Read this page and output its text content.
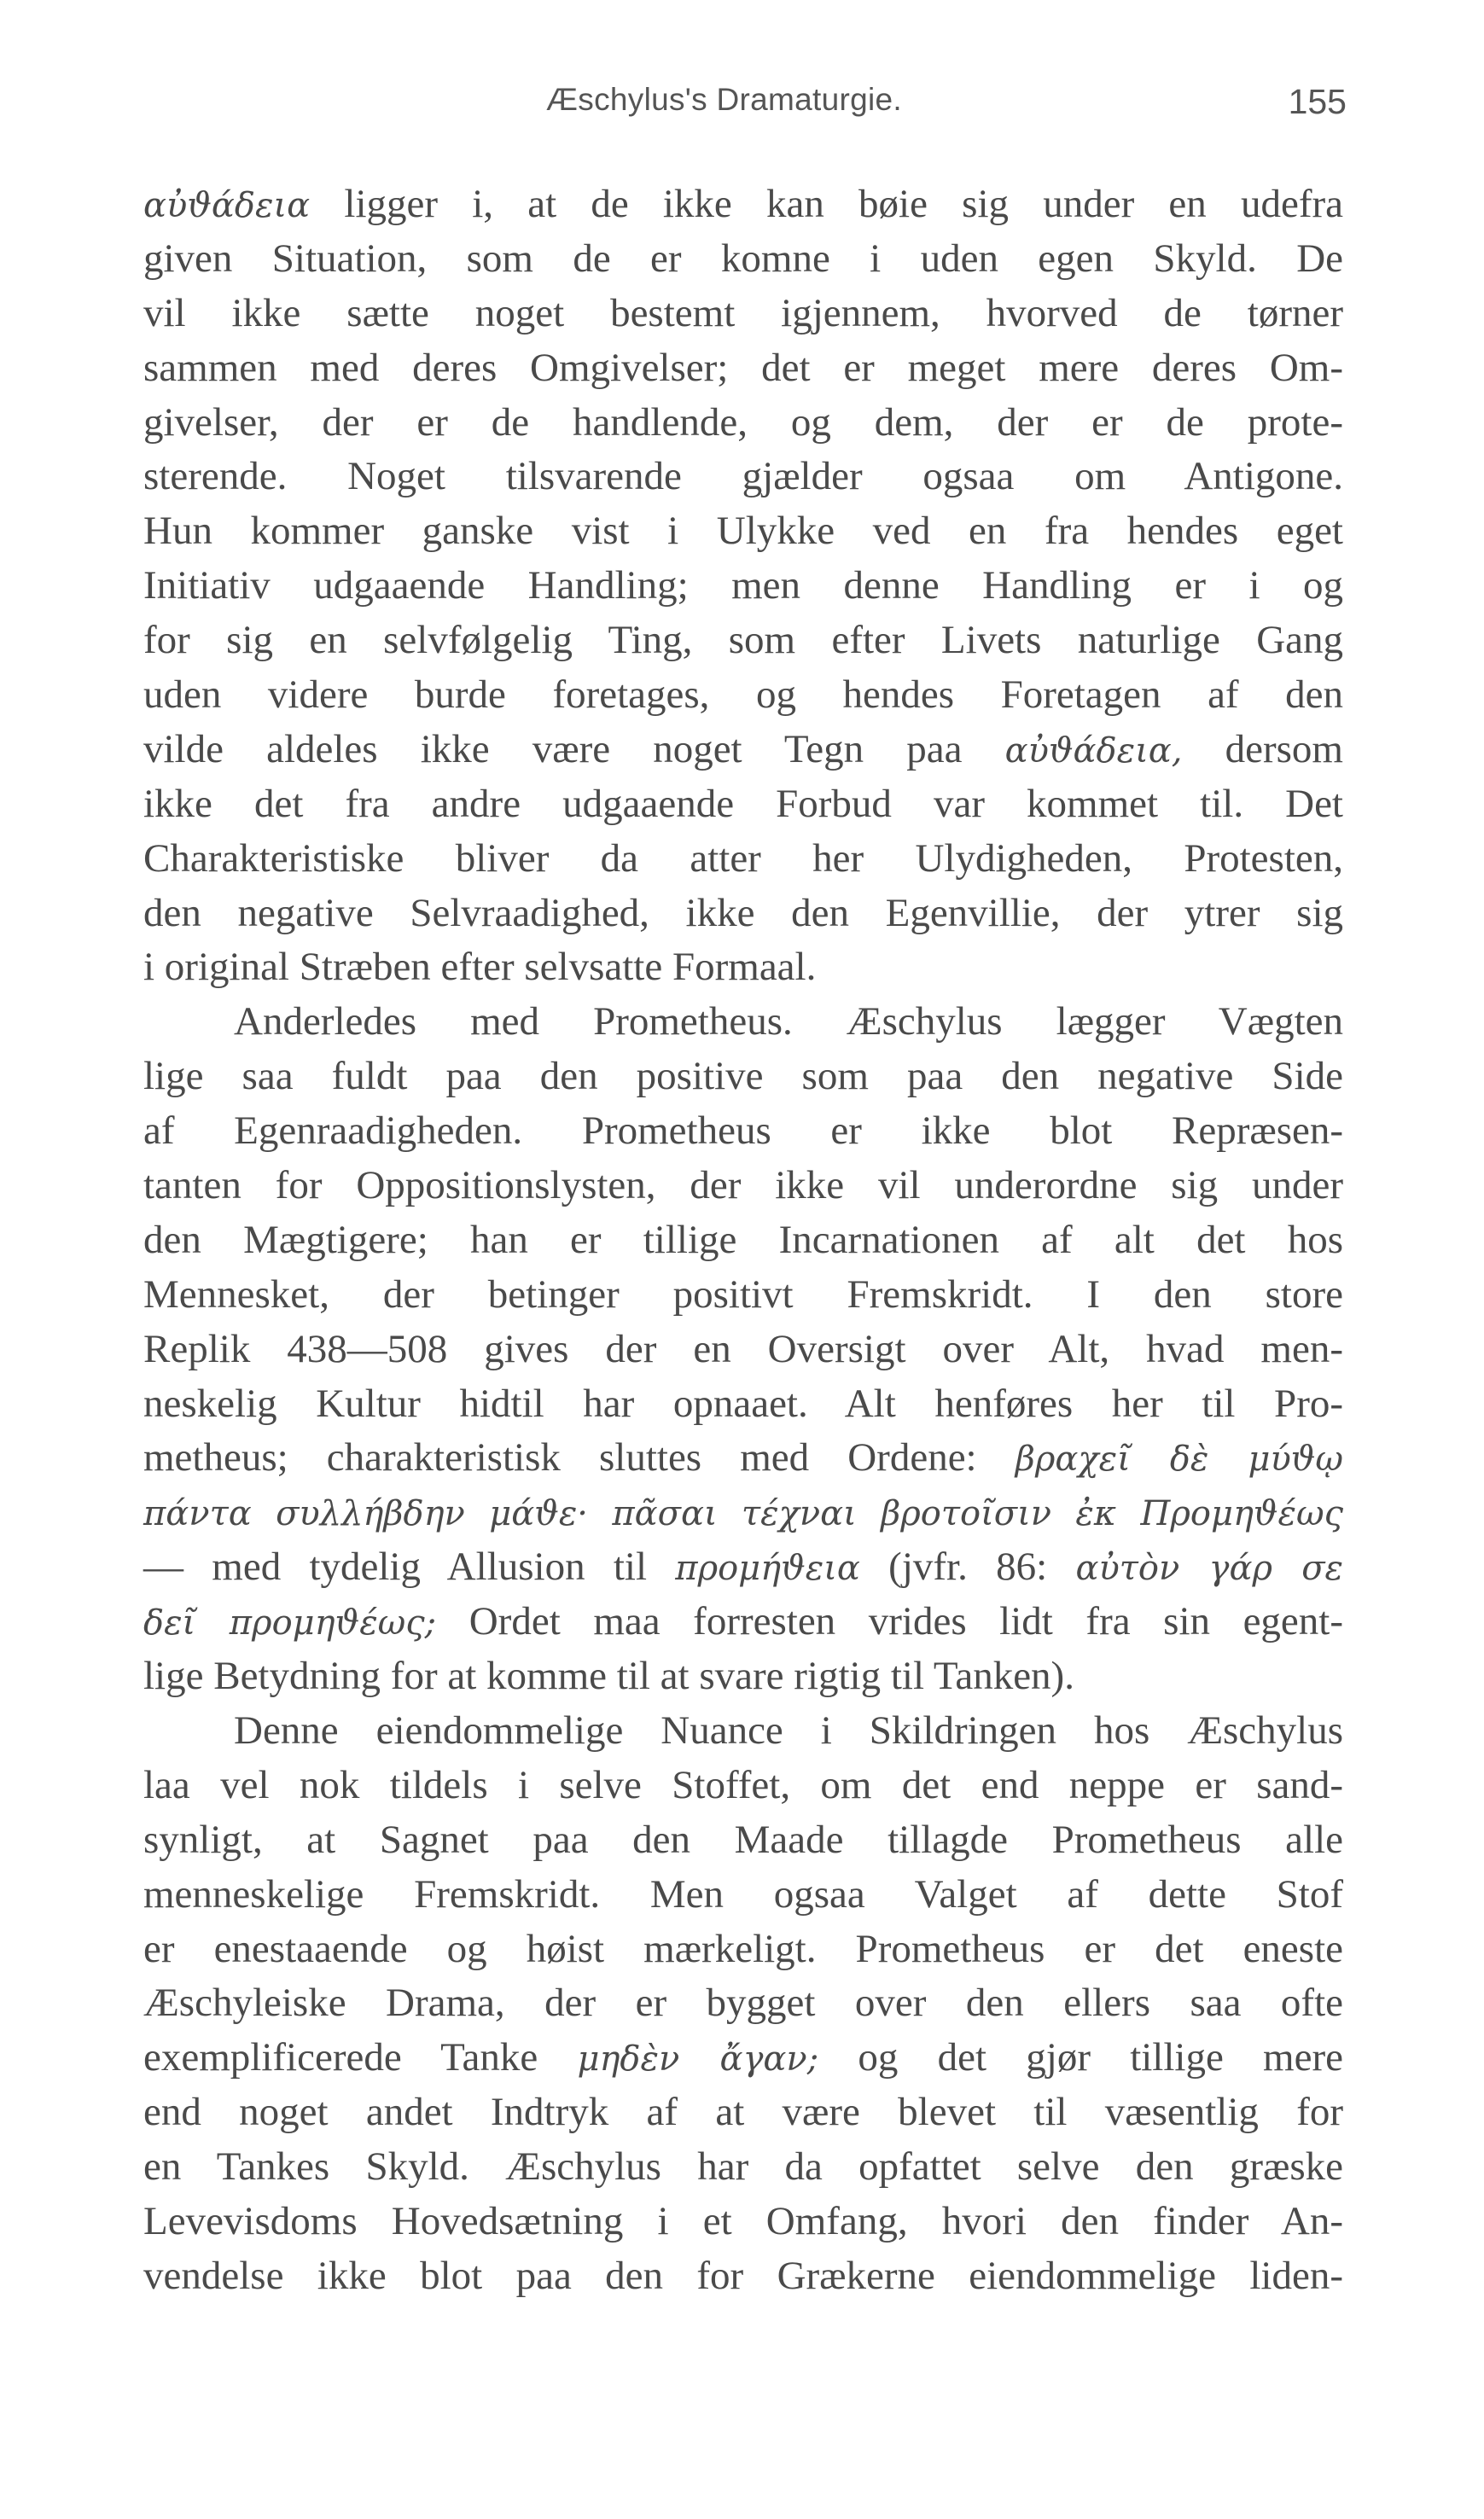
Æschylus's Dramaturgie.	155
αὐϑάδεια ligger i, at de ikke kan bøie sig under en udefra
given Situation, som de er komne i uden egen Skyld. De
vil ikke sætte noget bestemt igjennem, hvorved de tørner
sammen med deres Omgivelser; det er meget mere deres Om-
givelser, der er de handlende, og dem, der er de prote-
sterende. Noget tilsvarende gjælder ogsaa om Antigone.
Hun kommer ganske vist i Ulykke ved en fra hendes eget
Initiativ udgaaende Handling; men denne Handling er i og
for sig en selvfølgelig Ting, som efter Livets naturlige Gang
uden videre burde foretages, og hendes Foretagen af den
vilde aldeles ikke være noget Tegn paa αὐϑάδεια, dersom
ikke det fra andre udgaaende Forbud var kommet til. Det
Charakteristiske bliver da atter her Ulydigheden, Protesten,
den negative Selvraadighed, ikke den Egenvillie, der ytrer sig
i original Stræben efter selvsatte Formaal.
Anderledes med Prometheus. Æschylus lægger Vægten
lige saa fuldt paa den positive som paa den negative Side
af Egenraadigheden. Prometheus er ikke blot Repræsen-
tanten for Oppositionslysten, der ikke vil underordne sig under
den Mægtigere; han er tillige Incarnationen af alt det hos
Mennesket, der betinger positivt Fremskridt. I den store
Replik 438—508 gives der en Oversigt over Alt, hvad men-
neskelig Kultur hidtil har opnaaet. Alt henføres her til Pro-
metheus; charakteristisk sluttes med Ordene: βραχεῖ δὲ μύϑῳ
πάντα συλλήβδην μάϑε· πᾶσαι τέχναι βροτοῖσιν ἐκ Προμηϑέως
— med tydelig Allusion til προμήϑεια (jvfr. 86: αὐτὸν γάρ σε
δεῖ προμηϑέως; Ordet maa forresten vrides lidt fra sin egent-
lige Betydning for at komme til at svare rigtig til Tanken).
Denne eiendommelige Nuance i Skildringen hos Æschylus
laa vel nok tildels i selve Stoffet, om det end neppe er sand-
synligt, at Sagnet paa den Maade tillagde Prometheus alle
menneskelige Fremskridt. Men ogsaa Valget af dette Stof
er enestaaende og høist mærkeligt. Prometheus er det eneste
Æschyleiske Drama, der er bygget over den ellers saa ofte
exemplificerede Tanke μηδὲν ἄγαν; og det gjør tillige mere
end noget andet Indtryk af at være blevet til væsentlig for
en Tankes Skyld. Æschylus har da opfattet selve den græske
Levevisdoms Hovedsætning i et Omfang, hvori den finder An-
vendelse ikke blot paa den for Grækerne eiendommelige liden-
